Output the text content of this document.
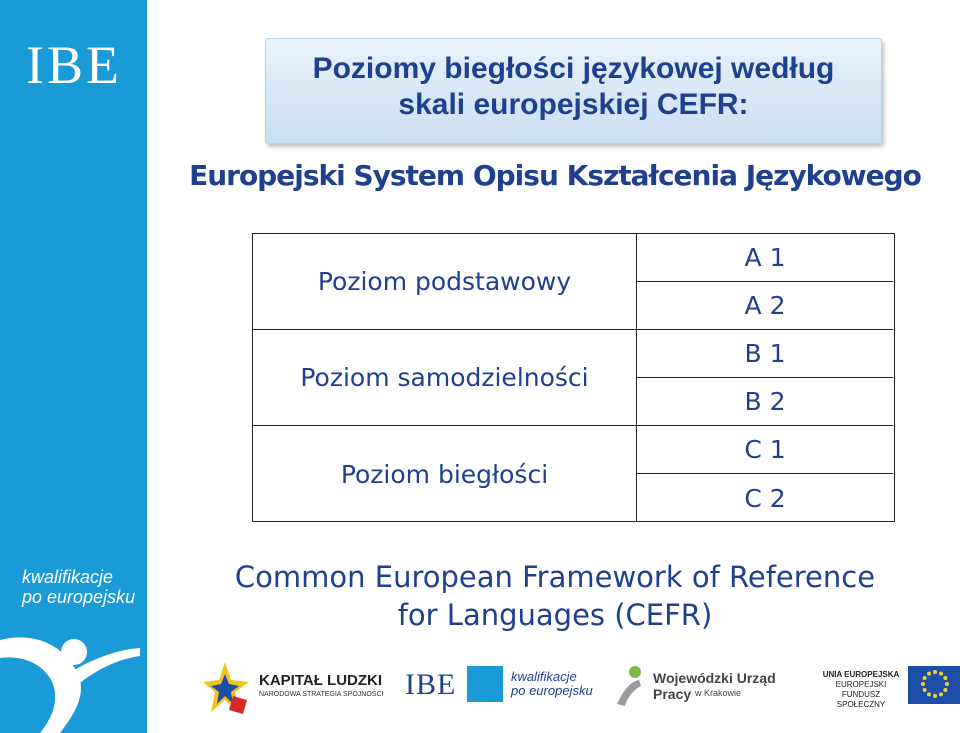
IBE
kwalifikacje
po europejsku
Poziomy biegłości językowej według
skali europejskiej CEFR:
Europejski System Opisu Kształcenia Językowego
Poziom podstawowy
Poziom samodzielności
Poziom biegłości
A 1
A 2
B 1
B 2
C 1
C 2
Common European Framework of Reference
for Languages (CEFR)
KAPITAŁ LUDZKI
NARODOWA STRATEGIA SPÓJNOŚCI IBE	kwalifikacje
po europejsku
Wojewódzki Urząd Pracy w Krakowie
UNIA EUROPEJSKA
EUROPEJSKI
FUNDUSZ SPOŁECZNY
